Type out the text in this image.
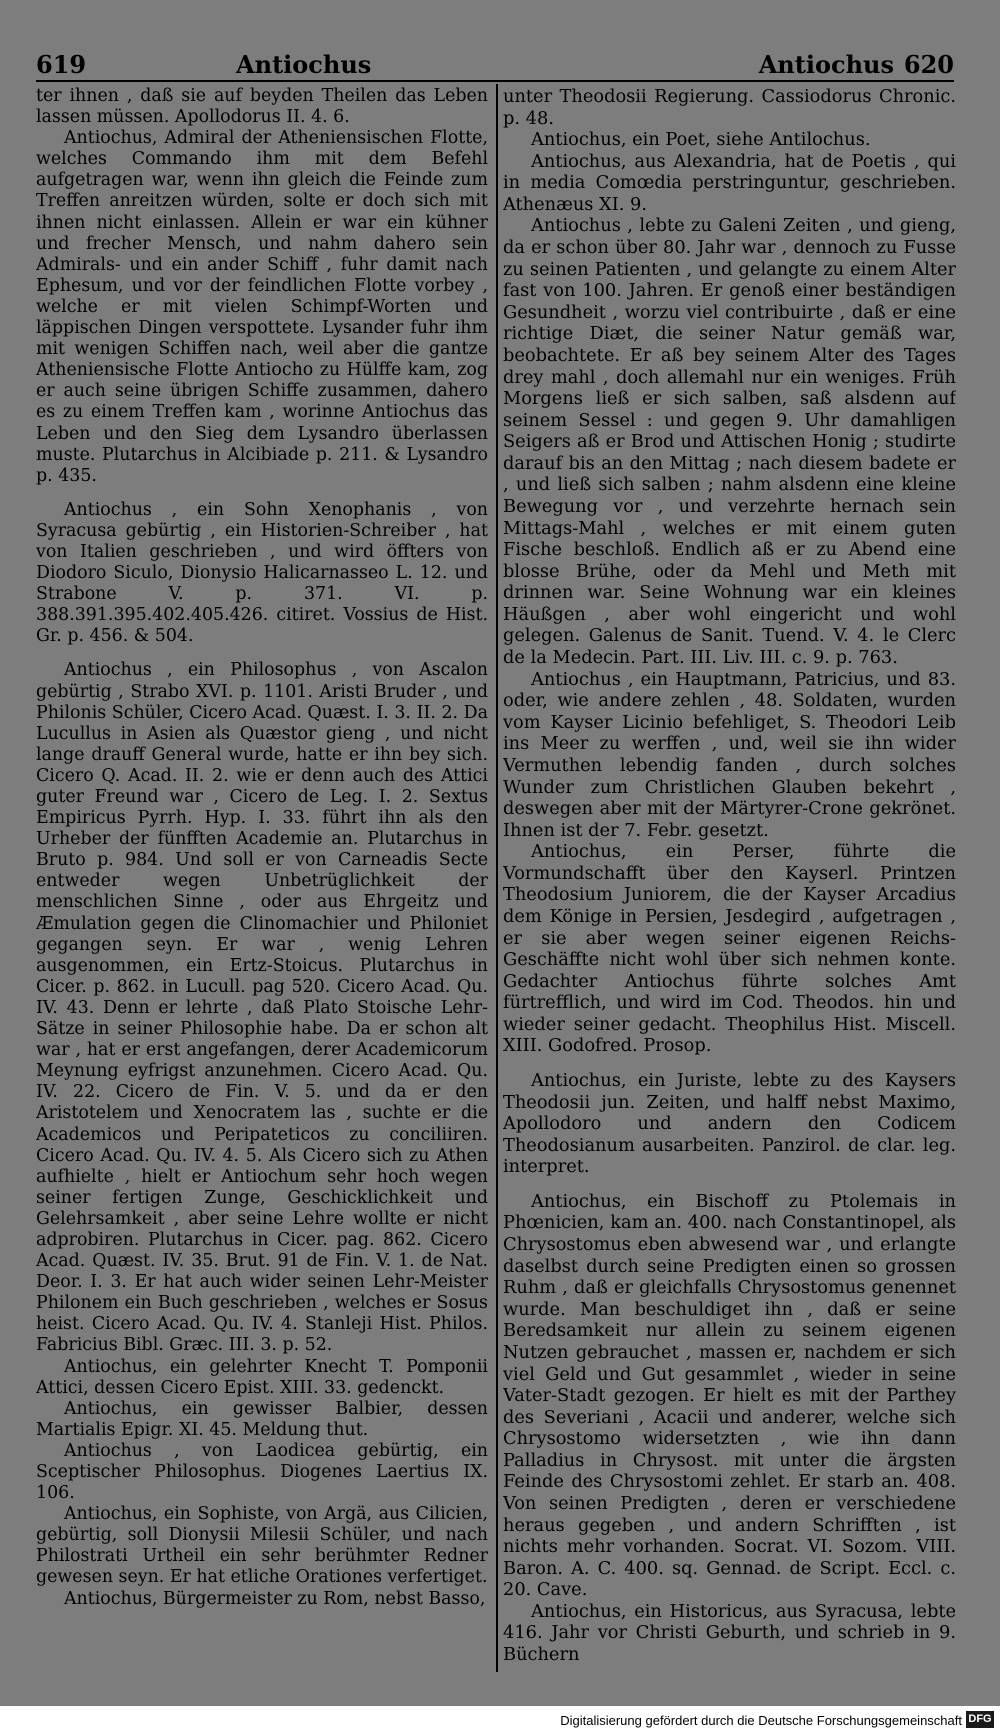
619	Antiochus	Antiochus 620

ter ihnen , daß sie auf beyden Theilen das Leben lassen müssen. Apollodorus II. 4. 6.

Antiochus, Admiral der Atheniensischen Flotte, welches Commando ihm mit dem Befehl aufgetragen war, wenn ihn gleich die Feinde zum Treffen anreitzen würden, solte er doch sich mit ihnen nicht einlassen. Allein er war ein kühner und frecher Mensch, und nahm dahero sein Admirals- und ein ander Schiff , fuhr damit nach Ephesum, und vor der feindlichen Flotte vorbey , welche er mit vielen Schimpf-Worten und läppischen Dingen verspottete. Lysander fuhr ihm mit wenigen Schiffen nach, weil aber die gantze Atheniensische Flotte Antiocho zu Hülffe kam, zog er auch seine übrigen Schiffe zusammen, dahero es zu einem Treffen kam , worinne Antiochus das Leben und den Sieg dem Lysandro überlassen muste. Plutarchus in Alcibiade p. 211. & Lysandro p. 435.

Antiochus , ein Sohn Xenophanis , von Syracusa gebürtig , ein Historien-Schreiber , hat von Italien geschrieben , und wird öffters von Diodoro Siculo, Dionysio Halicarnasseo L. 12. und Strabone V. p. 371. VI. p. 388.391.395.402.405.426. citiret. Vossius de Hist. Gr. p. 456. & 504.

Antiochus , ein Philosophus , von Ascalon gebürtig , Strabo XVI. p. 1101. Aristi Bruder , und Philonis Schüler, Cicero Acad. Quæst. I. 3. II. 2. Da Lucullus in Asien als Quæstor gieng , und nicht lange drauff General wurde, hatte er ihn bey sich. Cicero Q. Acad. II. 2. wie er denn auch des Attici guter Freund war , Cicero de Leg. I. 2. Sextus Empiricus Pyrrh. Hyp. I. 33. führt ihn als den Urheber der fünfften Academie an. Plutarchus in Bruto p. 984. Und soll er von Carneadis Secte entweder wegen Unbetrüglichkeit der menschlichen Sinne , oder aus Ehrgeitz und Æmulation gegen die Clinomachier und Philoniet gegangen seyn. Er war , wenig Lehren ausgenommen, ein Ertz-Stoicus. Plutarchus in Cicer. p. 862. in Lucull. pag 520. Cicero Acad. Qu. IV. 43. Denn er lehrte , daß Plato Stoische Lehr-Sätze in seiner Philosophie habe. Da er schon alt war , hat er erst angefangen, derer Academicorum Meynung eyfrigst anzunehmen. Cicero Acad. Qu. IV. 22. Cicero de Fin. V. 5. und da er den Aristotelem und Xenocratem las , suchte er die Academicos und Peripateticos zu conciliiren. Cicero Acad. Qu. IV. 4. 5. Als Cicero sich zu Athen aufhielte , hielt er Antiochum sehr hoch wegen seiner fertigen Zunge, Geschicklichkeit und Gelehrsamkeit , aber seine Lehre wollte er nicht adprobiren. Plutarchus in Cicer. pag. 862. Cicero Acad. Quæst. IV. 35. Brut. 91 de Fin. V. 1. de Nat. Deor. I. 3. Er hat auch wider seinen Lehr-Meister Philonem ein Buch geschrieben , welches er Sosus heist. Cicero Acad. Qu. IV. 4. Stanleji Hist. Philos. Fabricius Bibl. Græc. III. 3. p. 52.

Antiochus, ein gelehrter Knecht T. Pomponii Attici, dessen Cicero Epist. XIII. 33. gedenckt.

Antiochus, ein gewisser Balbier, dessen Martialis Epigr. XI. 45. Meldung thut.

Antiochus , von Laodicea gebürtig, ein Sceptischer Philosophus. Diogenes Laertius IX. 106.

Antiochus, ein Sophiste, von Argä, aus Cilicien, gebürtig, soll Dionysii Milesii Schüler, und nach Philostrati Urtheil ein sehr berühmter Redner gewesen seyn. Er hat etliche Orationes verfertiget.

Antiochus, Bürgermeister zu Rom, nebst Basso,

unter Theodosii Regierung. Cassiodorus Chronic. p. 48.

Antiochus, ein Poet, siehe Antilochus.

Antiochus, aus Alexandria, hat de Poetis , qui in media Comœdia perstringuntur, geschrieben. Athenæus XI. 9.

Antiochus , lebte zu Galeni Zeiten , und gieng, da er schon über 80. Jahr war , dennoch zu Fusse zu seinen Patienten , und gelangte zu einem Alter fast von 100. Jahren. Er genoß einer beständigen Gesundheit , worzu viel contribuirte , daß er eine richtige Diæt, die seiner Natur gemäß war, beobachtete. Er aß bey seinem Alter des Tages drey mahl , doch allemahl nur ein weniges. Früh Morgens ließ er sich salben, saß alsdenn auf seinem Sessel : und gegen 9. Uhr damahligen Seigers aß er Brod und Attischen Honig ; studirte darauf bis an den Mittag ; nach diesem badete er , und ließ sich salben ; nahm alsdenn eine kleine Bewegung vor , und verzehrte hernach sein Mittags-Mahl , welches er mit einem guten Fische beschloß. Endlich aß er zu Abend eine blosse Brühe, oder da Mehl und Meth mit drinnen war. Seine Wohnung war ein kleines Häußgen , aber wohl eingericht und wohl gelegen. Galenus de Sanit. Tuend. V. 4. le Clerc de la Medecin. Part. III. Liv. III. c. 9. p. 763.

Antiochus , ein Hauptmann, Patricius, und 83. oder, wie andere zehlen , 48. Soldaten, wurden vom Kayser Licinio befehliget, S. Theodori Leib ins Meer zu werffen , und, weil sie ihn wider Vermuthen lebendig fanden , durch solches Wunder zum Christlichen Glauben bekehrt , deswegen aber mit der Märtyrer-Crone gekrönet. Ihnen ist der 7. Febr. gesetzt.

Antiochus, ein Perser, führte die Vormundschafft über den Kayserl. Printzen Theodosium Juniorem, die der Kayser Arcadius dem Könige in Persien, Jesdegird , aufgetragen , er sie aber wegen seiner eigenen Reichs-Geschäffte nicht wohl über sich nehmen konte. Gedachter Antiochus führte solches Amt fürtrefflich, und wird im Cod. Theodos. hin und wieder seiner gedacht. Theophilus Hist. Miscell. XIII. Godofred. Prosop.

Antiochus, ein Juriste, lebte zu des Kaysers Theodosii jun. Zeiten, und halff nebst Maximo, Apollodoro und andern den Codicem Theodosianum ausarbeiten. Panzirol. de clar. leg. interpret.

Antiochus, ein Bischoff zu Ptolemais in Phœnicien, kam an. 400. nach Constantinopel, als Chrysostomus eben abwesend war , und erlangte daselbst durch seine Predigten einen so grossen Ruhm , daß er gleichfalls Chrysostomus genennet wurde. Man beschuldiget ihn , daß er seine Beredsamkeit nur allein zu seinem eigenen Nutzen gebrauchet , massen er, nachdem er sich viel Geld und Gut gesammlet , wieder in seine Vater-Stadt gezogen. Er hielt es mit der Parthey des Severiani , Acacii und anderer, welche sich Chrysostomo widersetzten , wie ihn dann Palladius in Chrysost. mit unter die ärgsten Feinde des Chrysostomi zehlet. Er starb an. 408. Von seinen Predigten , deren er verschiedene heraus gegeben , und andern Schrifften , ist nichts mehr vorhanden. Socrat. VI. Sozom. VIII. Baron. A. C. 400. sq. Gennad. de Script. Eccl. c. 20. Cave.

Antiochus, ein Historicus, aus Syracusa, lebte 416. Jahr vor Christi Geburth, und schrieb in 9. Büchern

Digitalisierung gefördert durch die Deutsche Forschungsgemeinschaft DFG
